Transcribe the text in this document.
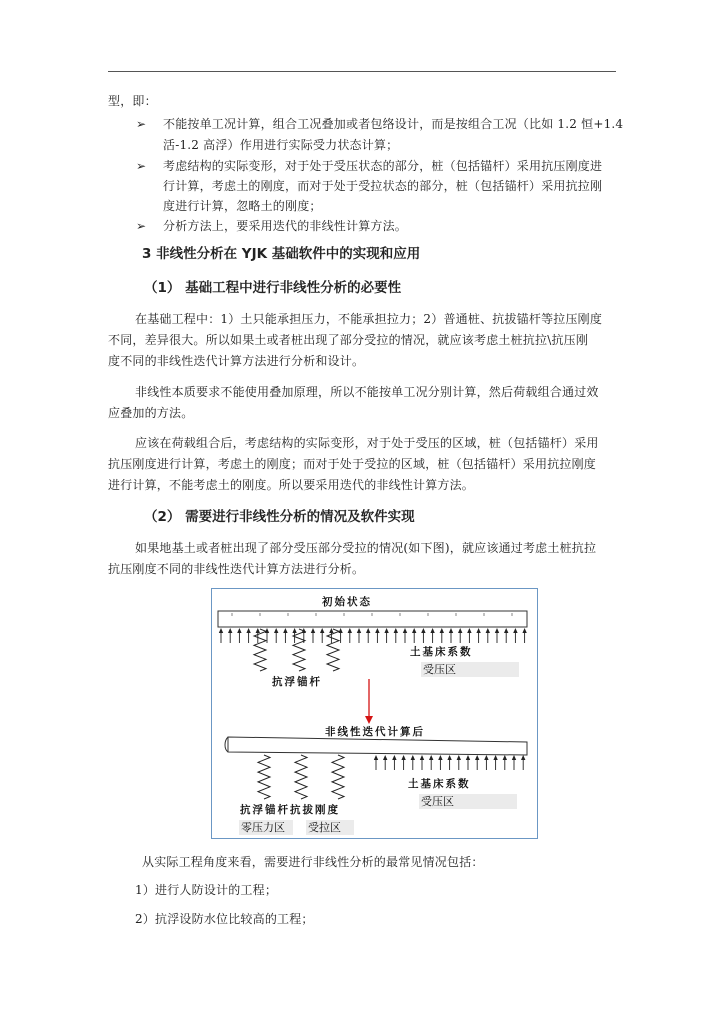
型，即：
➢ 不能按单工况计算，组合工况叠加或者包络设计，而是按组合工况（比如 1.2 恒+1.4
活-1.2 高浮）作用进行实际受力状态计算；
➢ 考虑结构的实际变形，对于处于受压状态的部分，桩（包括锚杆）采用抗压刚度进
行计算，考虑土的刚度，而对于处于受拉状态的部分，桩（包括锚杆）采用抗拉刚
度进行计算，忽略土的刚度；
➢ 分析方法上，要采用迭代的非线性计算方法。
3 非线性分析在 YJK 基础软件中的实现和应用
（1） 基础工程中进行非线性分析的必要性
在基础工程中：1）土只能承担压力，不能承担拉力；2）普通桩、抗拔锚杆等拉压刚度
不同，差异很大。所以如果土或者桩出现了部分受拉的情况，就应该考虑土桩抗拉\抗压刚
度不同的非线性迭代计算方法进行分析和设计。
非线性本质要求不能使用叠加原理，所以不能按单工况分别计算，然后荷载组合通过效
应叠加的方法。
应该在荷载组合后，考虑结构的实际变形，对于处于受压的区域，桩（包括锚杆）采用
抗压刚度进行计算，考虑土的刚度；而对于处于受拉的区域，桩（包括锚杆）采用抗拉刚度
进行计算，不能考虑土的刚度。所以要采用迭代的非线性计算方法。
（2） 需要进行非线性分析的情况及软件实现
如果地基土或者桩出现了部分受压部分受拉的情况(如下图)，就应该通过考虑土桩抗拉
抗压刚度不同的非线性迭代计算方法进行分析。
初始状态
土基床系数
受压区
抗浮锚杆
非线性迭代计算后
土基床系数
受压区
抗浮锚杆抗拔刚度
零压力区	受拉区
从实际工程角度来看，需要进行非线性分析的最常见情况包括：
1）进行人防设计的工程；
2）抗浮设防水位比较高的工程；
